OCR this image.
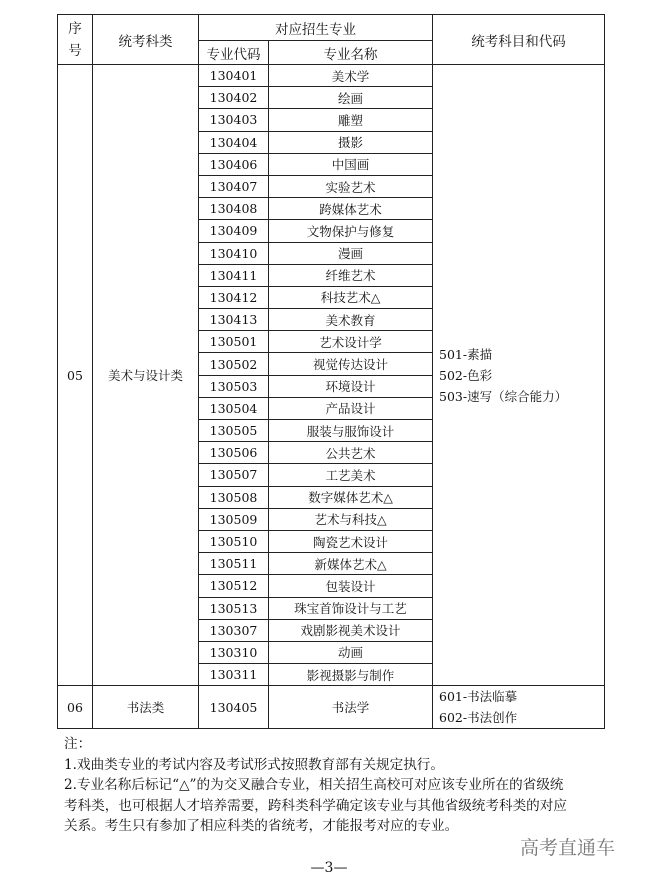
序号	统考科类	对应招生专业		统考科目和代码
		专业代码	专业名称	
05	美术与设计类	130401	美术学	501-素描
502-色彩
503-速写（综合能力）

		130402	绘画	
		130403	雕塑	
		130404	摄影	
		130406	中国画	
		130407	实验艺术	
		130408	跨媒体艺术	
		130409	文物保护与修复	
		130410	漫画	
		130411	纤维艺术	
		130412	科技艺术△	
		130413	美术教育	
		130501	艺术设计学	
		130502	视觉传达设计	
		130503	环境设计	
		130504	产品设计	
		130505	服装与服饰设计	
		130506	公共艺术	
		130507	工艺美术	
		130508	数字媒体艺术△	
		130509	艺术与科技△	
		130510	陶瓷艺术设计	
		130511	新媒体艺术△	
		130512	包装设计	
		130513	珠宝首饰设计与工艺	
		130307	戏剧影视美术设计	
		130310	动画	
		130311	影视摄影与制作	
06	书法类	130405	书法学	601-书法临摹
602-书法创作

注：

1.戏曲类专业的考试内容及考试形式按照教育部有关规定执行。

2.专业名称后标记“△”的为交叉融合专业，相关招生高校可对应该专业所在的省级统考科类，也可根据人才培养需要，跨科类科学确定该专业与其他省级统考科类的对应关系。考生只有参加了相应科类的省统考，才能报考对应的专业。

高考直通车
—3—
